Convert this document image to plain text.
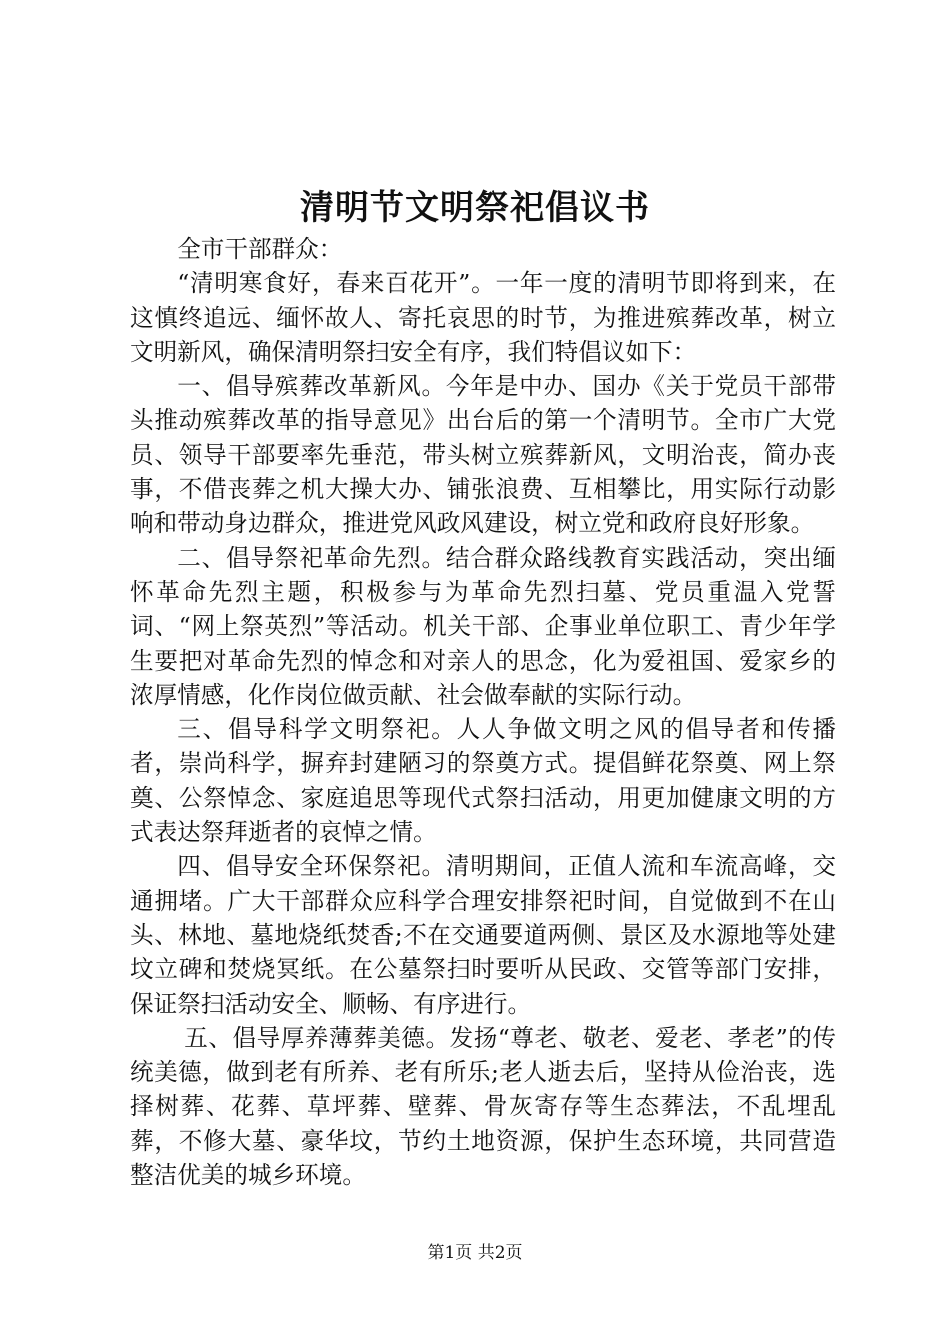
清明节文明祭祀倡议书

全市干部群众：

“清明寒食好，春来百花开”。一年一度的清明节即将到来，在这慎终追远、缅怀故人、寄托哀思的时节，为推进殡葬改革，树立文明新风，确保清明祭扫安全有序，我们特倡议如下：

一、倡导殡葬改革新风。今年是中办、国办《关于党员干部带头推动殡葬改革的指导意见》出台后的第一个清明节。全市广大党员、领导干部要率先垂范，带头树立殡葬新风，文明治丧，简办丧事，不借丧葬之机大操大办、铺张浪费、互相攀比，用实际行动影响和带动身边群众，推进党风政风建设，树立党和政府良好形象。

二、倡导祭祀革命先烈。结合群众路线教育实践活动，突出缅怀革命先烈主题，积极参与为革命先烈扫墓、党员重温入党誓词、“网上祭英烈”等活动。机关干部、企事业单位职工、青少年学生要把对革命先烈的悼念和对亲人的思念，化为爱祖国、爱家乡的浓厚情感，化作岗位做贡献、社会做奉献的实际行动。

三、倡导科学文明祭祀。人人争做文明之风的倡导者和传播者，崇尚科学，摒弃封建陋习的祭奠方式。提倡鲜花祭奠、网上祭奠、公祭悼念、家庭追思等现代式祭扫活动，用更加健康文明的方式表达祭拜逝者的哀悼之情。

四、倡导安全环保祭祀。清明期间，正值人流和车流高峰，交通拥堵。广大干部群众应科学合理安排祭祀时间，自觉做到不在山头、林地、墓地烧纸焚香;不在交通要道两侧、景区及水源地等处建坟立碑和焚烧冥纸。在公墓祭扫时要听从民政、交管等部门安排，保证祭扫活动安全、顺畅、有序进行。

五、倡导厚养薄葬美德。发扬“尊老、敬老、爱老、孝老”的传统美德，做到老有所养、老有所乐;老人逝去后，坚持从俭治丧，选择树葬、花葬、草坪葬、壁葬、骨灰寄存等生态葬法，不乱埋乱葬，不修大墓、豪华坟，节约土地资源，保护生态环境，共同营造整洁优美的城乡环境。

第1页 共2页
